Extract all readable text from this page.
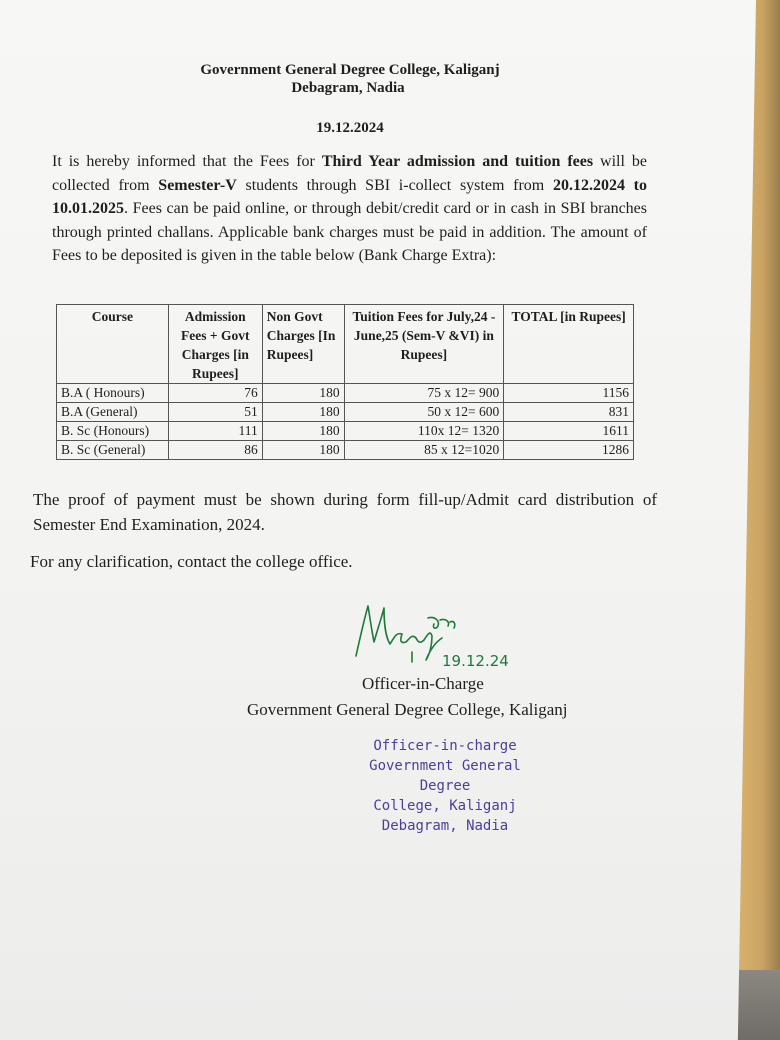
Government General Degree College, Kaliganj
Debagram, Nadia
19.12.2024
It is hereby informed that the Fees for Third Year admission and tuition fees will be collected from Semester-V students through SBI i-collect system from 20.12.2024 to 10.01.2025. Fees can be paid online, or through debit/credit card or in cash in SBI branches through printed challans. Applicable bank charges must be paid in addition. The amount of Fees to be deposited is given in the table below (Bank Charge Extra):
Course	Admission Fees + Govt Charges [in Rupees]	Non Govt Charges [In Rupees]	Tuition Fees for July,24 - June,25 (Sem-V &VI) in Rupees]	TOTAL [in Rupees]
B.A ( Honours)	76	180	75 x 12= 900	1156
B.A (General)	51	180	50 x 12= 600	831
B. Sc (Honours)	111	180	110x 12= 1320	1611
B. Sc (General)	86	180	85 x 12=1020	1286
The proof of payment must be shown during form fill-up/Admit card distribution of Semester End Examination, 2024.
For any clarification, contact the college office.
19.12.24
Officer-in-Charge
Government General Degree College, Kaliganj
Officer-in-charge
Government General Degree
College, Kaliganj
Debagram, Nadia
